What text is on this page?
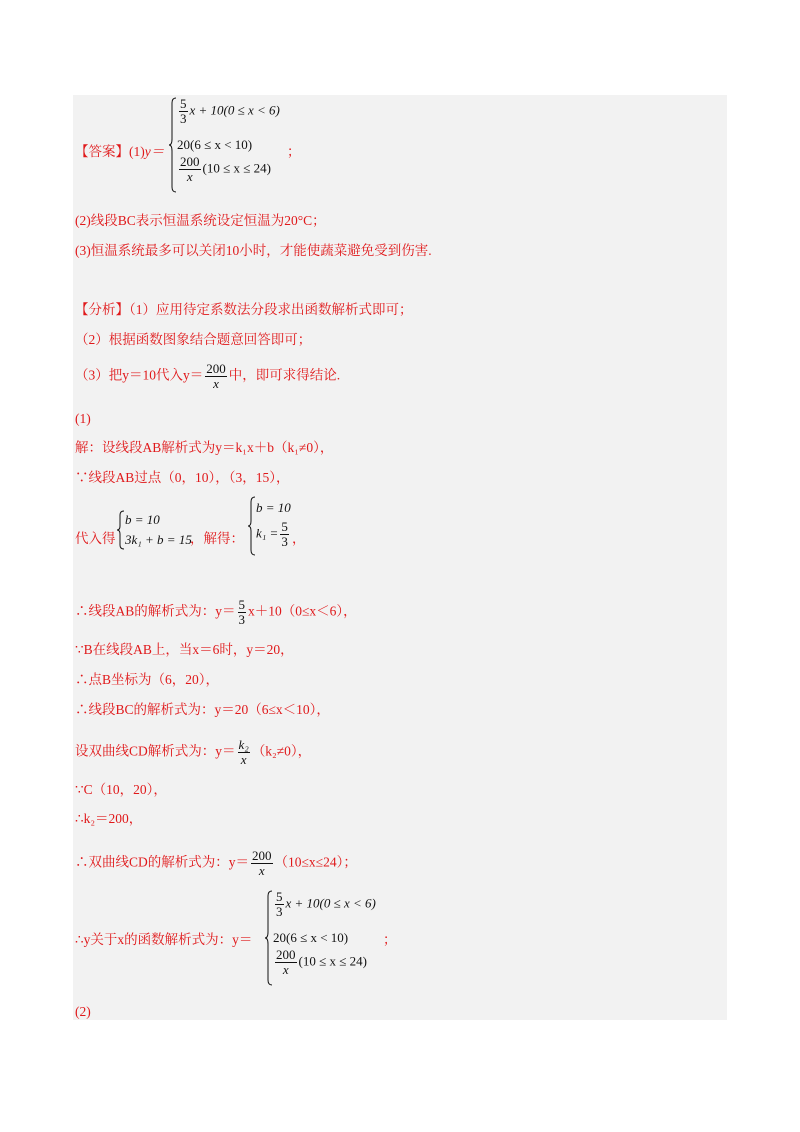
【答案】(1)y＝
$\frac{5}{3}$ x + 10(0 ≤ x < 6)
20(6 ≤ x < 10)
$\frac{200}{x} (10 \le x \le 24)$
；
(2)线段BC表示恒温系统设定恒温为20°C；
(3)恒温系统最多可以关闭10小时，才能使蔬菜避免受到伤害.
【分析】（1）应用待定系数法分段求出函数解析式即可；
（2）根据函数图象结合题意回答即可；
（3）把y＝10代入$y= \frac{200}{x}$ 中，即可求得结论.
(1)
解：设线段AB解析式为y＝k₁x＋b（k₁≠0），
∵线段AB过点（0，10），（3，15），
代入得
b = 10
3k₁ + b = 15
，解得：
b = 10
$k_1 = \frac{5}{3}$ ，
∴线段AB的解析式为：$y= \frac{5}{3} x+10(0\le x<6)$，
∵B在线段AB上，当x＝6时，y＝20，
∴点B坐标为（6，20），
∴线段BC的解析式为：y＝20（6≤x＜10），
设双曲线CD解析式为：$y= \frac{\text{k₂}}{x} (k_2\ne 0)$，
∵C（10，20），
∴k₂＝200，
∴双曲线CD的解析式为：$y= \frac{200}{x} (10\le x\le 24)$；
∴y关于x的函数解析式为：y＝
$\frac{5}{3}$ x + 10(0 ≤ x < 6)
20(6 ≤ x < 10)
$\frac{200}{x} (10 \le x \le 24)$
；
(2)
